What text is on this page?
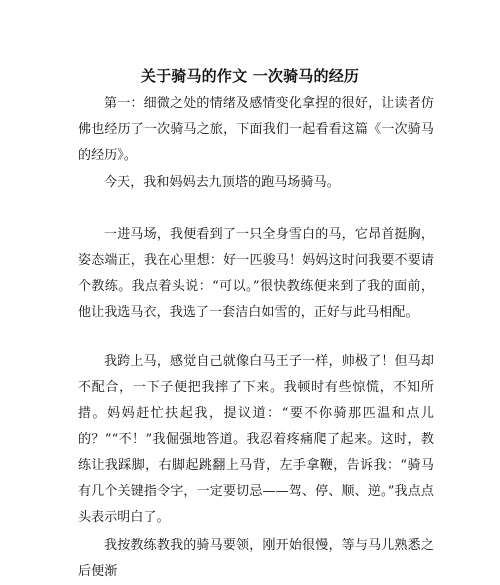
关于骑马的作文 一次骑马的经历
第一：细微之处的情绪及感情变化拿捏的很好，让读者仿佛也经历了一次骑马之旅，下面我们一起看看这篇《一次骑马的经历》。
今天，我和妈妈去九顶塔的跑马场骑马。
一进马场，我便看到了一只全身雪白的马，它昂首挺胸，姿态端正，我在心里想：好一匹骏马！妈妈这时问我要不要请个教练。我点着头说：“可以。”很快教练便来到了我的面前，他让我选马衣，我选了一套洁白如雪的，正好与此马相配。
我跨上马，感觉自己就像白马王子一样，帅极了！但马却不配合，一下子便把我摔了下来。我顿时有些惊慌，不知所措。妈妈赶忙扶起我，提议道：“要不你骑那匹温和点儿的？”“不！”我倔强地答道。我忍着疼痛爬了起来。这时，教练让我踩脚，右脚起跳翻上马背，左手拿鞭，告诉我：“骑马有几个关键指令字，一定要切忌——驾、停、顺、逆。”我点点头表示明白了。
我按教练教我的骑马要领，刚开始很慢，等与马儿熟悉之后便渐
